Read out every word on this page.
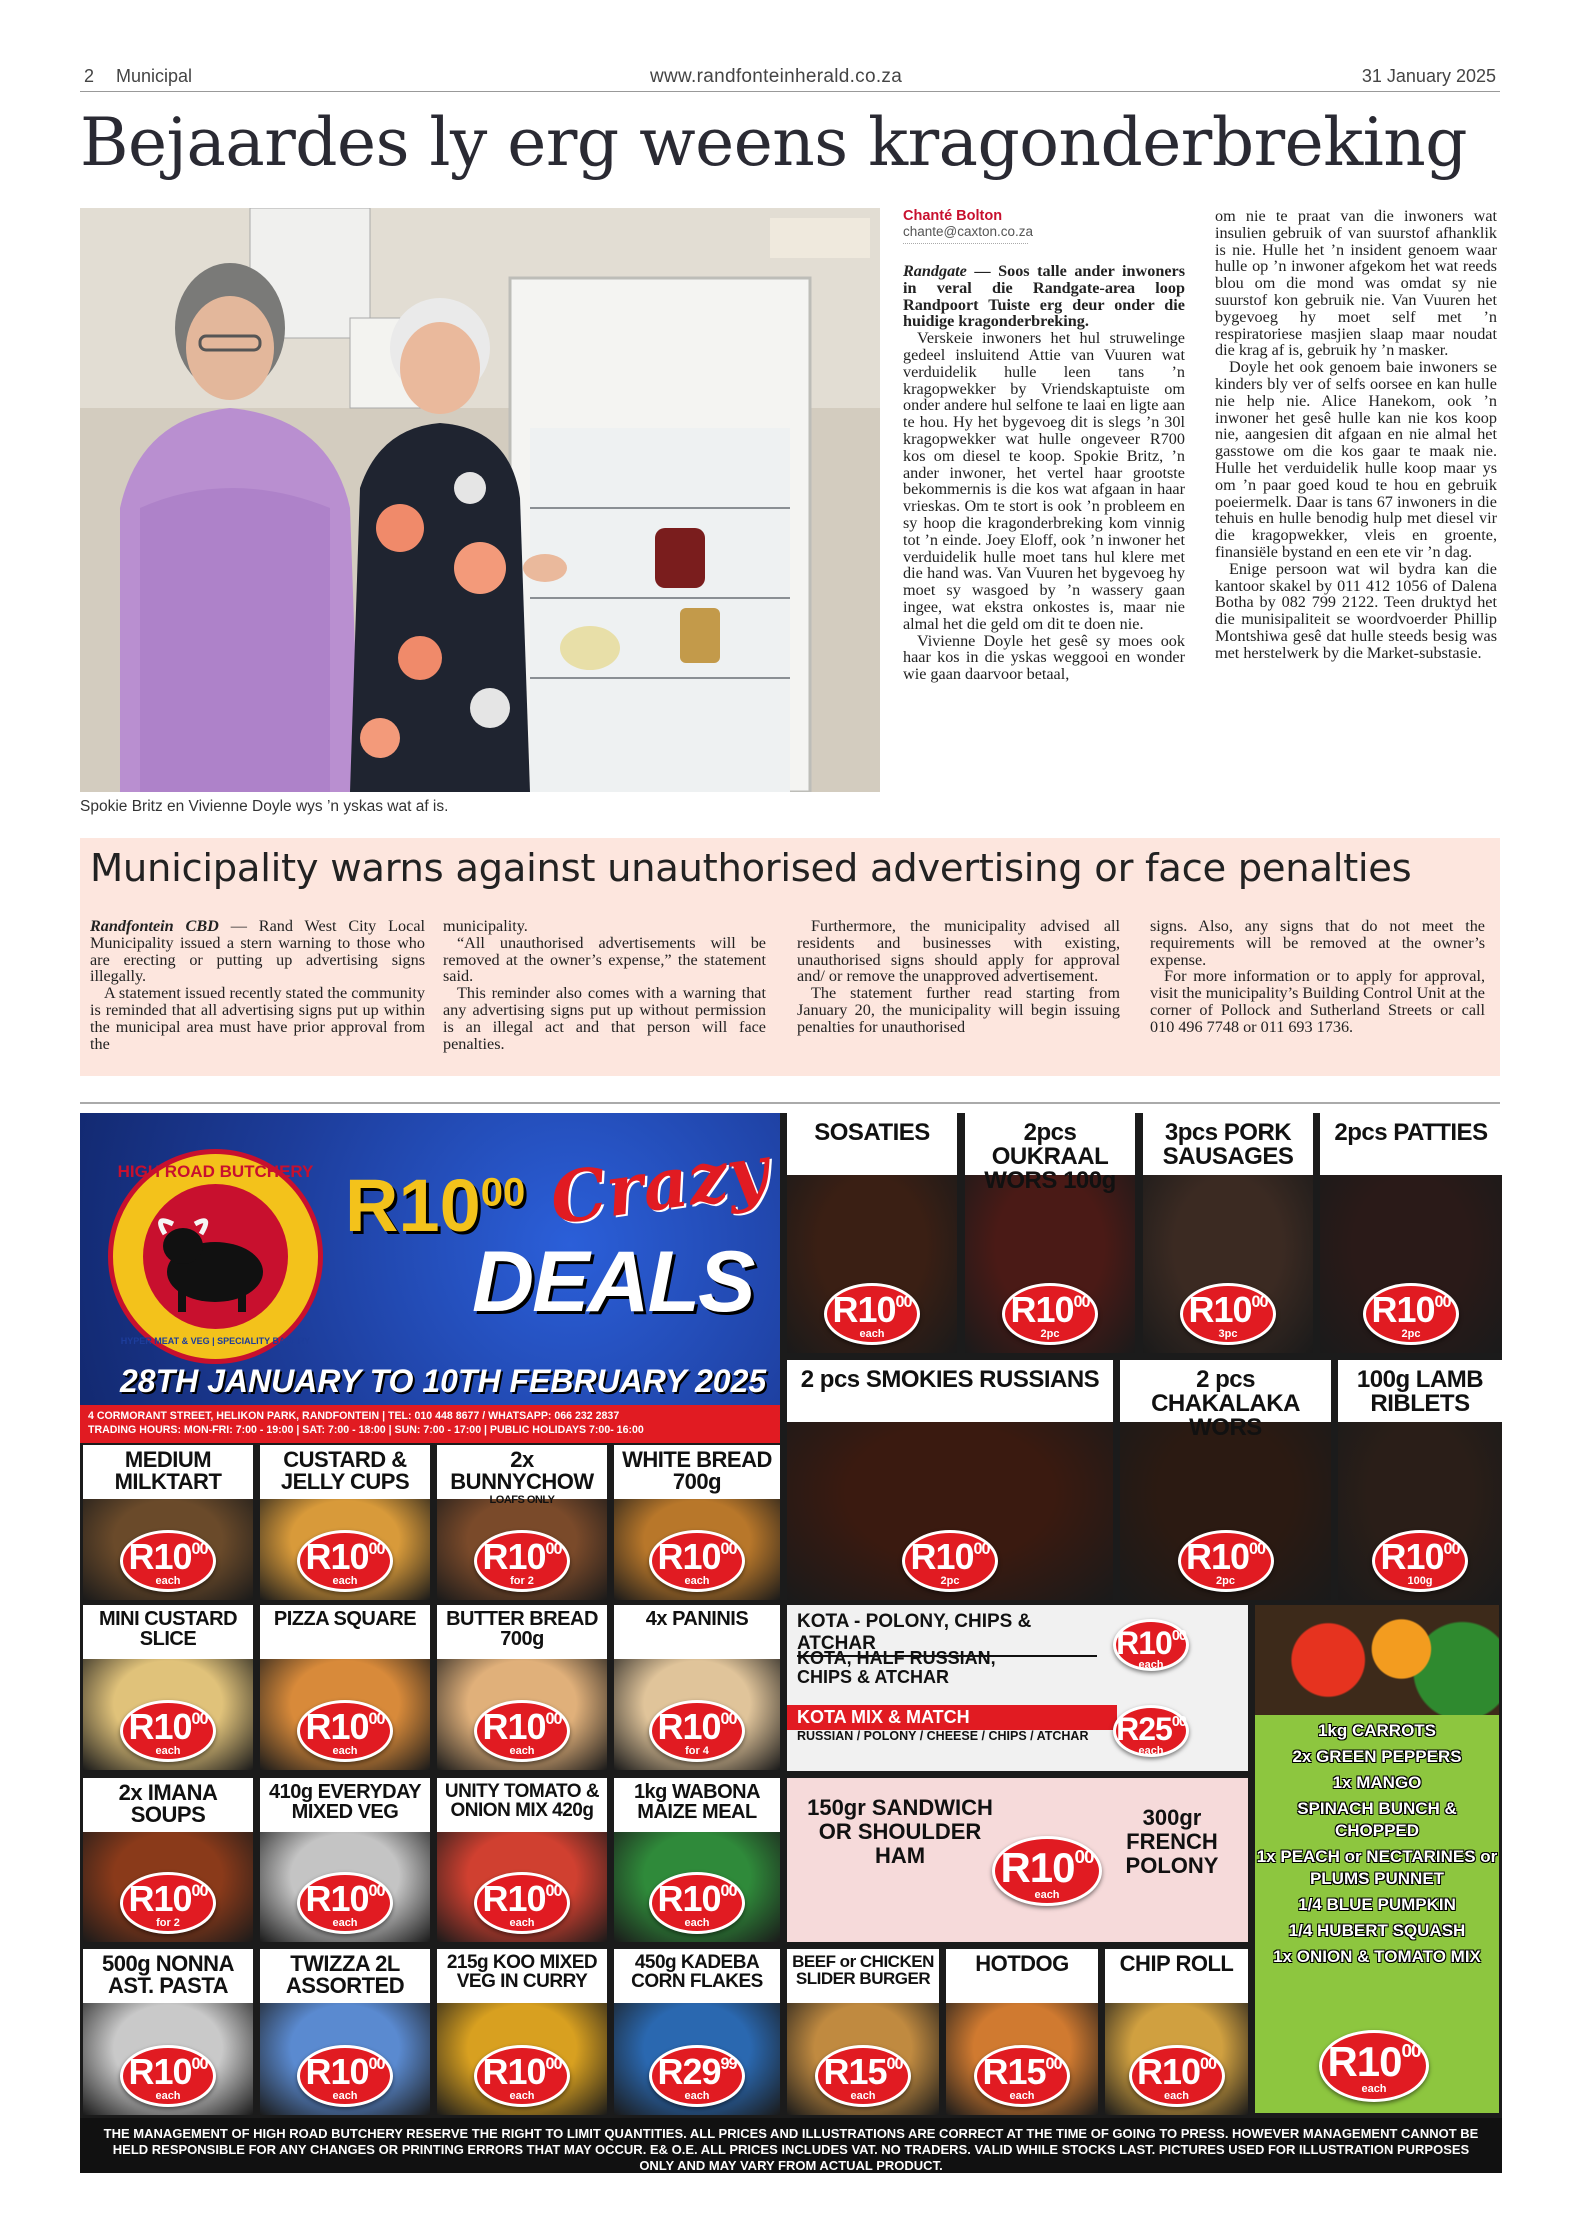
2 Municipal	www.randfonteinherald.co.za	31 January 2025
Bejaardes ly erg weens kragonderbreking
Spokie Britz en Vivienne Doyle wys ’n yskas wat af is.
Chanté Bolton
chante@caxton.co.za

Randgate — Soos talle ander inwoners in veral die Randgate-area loop Randpoort Tuiste erg deur onder die huidige kragonderbreking.

Verskeie inwoners het hul struwelinge gedeel insluitend Attie van Vuuren wat verduidelik hulle leen tans ’n kragopwekker by Vriendskaptuiste om onder andere hul selfone te laai en ligte aan te hou. Hy het bygevoeg dit is slegs ’n 30l kragopwekker wat hulle ongeveer R700 kos om diesel te koop. Spokie Britz, ’n ander inwoner, het vertel haar grootste bekommernis is die kos wat afgaan in haar vrieskas. Om te stort is ook ’n probleem en sy hoop die kragonderbreking kom vinnig tot ’n einde. Joey Eloff, ook ’n inwoner het verduidelik hulle moet tans hul klere met die hand was. Van Vuuren het bygevoeg hy moet sy wasgoed by ’n wassery gaan ingee, wat ekstra onkostes is, maar nie almal het die geld om dit te doen nie.

Vivienne Doyle het gesê sy moes ook haar kos in die yskas weggooi en wonder wie gaan daarvoor betaal,

om nie te praat van die inwoners wat insulien gebruik of van suurstof afhanklik is nie. Hulle het ’n insident genoem waar hulle op ’n inwoner afgekom het wat reeds blou om die mond was omdat sy nie suurstof kon gebruik nie. Van Vuuren het bygevoeg hy moet self met ’n respiratoriese masjien slaap maar noudat die krag af is, gebruik hy ’n masker.

Doyle het ook genoem baie inwoners se kinders bly ver of selfs oorsee en kan hulle nie help nie. Alice Hanekom, ook ’n inwoner het gesê hulle kan nie kos koop nie, aangesien dit afgaan en nie almal het gasstowe om die kos gaar te maak nie. Hulle het verduidelik hulle koop maar ys om ’n paar goed koud te hou en gebruik poeiermelk. Daar is tans 67 inwoners in die tehuis en hulle benodig hulp met diesel vir die kragopwekker, vleis en groente, finansiële bystand en een ete vir ’n dag.

Enige persoon wat wil bydra kan die kantoor skakel by 011 412 1056 of Dalena Botha by 082 799 2122. Teen druktyd het die munisipaliteit se woordvoerder Phillip Montshiwa gesê dat hulle steeds besig was met herstelwerk by die Market-substasie.

Municipality warns against unauthorised advertising or face penalties

Randfontein CBD — Rand West City Local Municipality issued a stern warning to those who are erecting or putting up advertising signs illegally.

A statement issued recently stated the community is reminded that all advertising signs put up within the municipal area must have prior approval from the

municipality.

“All unauthorised advertisements will be removed at the owner’s expense,” the statement said.

This reminder also comes with a warning that any advertising signs put up without permission is an illegal act and that person will face penalties.

Furthermore, the municipality advised all residents and businesses with existing, unauthorised signs should apply for approval and/ or remove the unapproved advertisement.

The statement further read starting from January 20, the municipality will begin issuing penalties for unauthorised

signs. Also, any signs that do not meet the requirements will be removed at the owner’s expense.

For more information or to apply for approval, visit the municipality’s Building Control Unit at the corner of Pollock and Sutherland Streets or call 010 496 7748 or 011 693 1736.

HIGH ROAD BUTCHERY
HYPER MEAT & VEG | SPECIALITY BAKERY
$R10^{00}$ Crazy
DEALS
28TH JANUARY TO 10TH FEBRUARY 2025
4 CORMORANT STREET, HELIKON PARK, RANDFONTEIN | TEL: 010 448 8677 / WHATSAPP: 066 232 2837
TRADING HOURS: MON-FRI: 7:00 - 19:00 | SAT: 7:00 - 18:00 | SUN: 7:00 - 17:00 | PUBLIC HOLIDAYS 7:00- 16:00
SOSATIES
$R10^{00}$
each
2pcs OUKRAAL WORS 100g
$R10^{00}$
2pc
3pcs PORK SAUSAGES
$R10^{00}$
3pc
2pcs PATTIES
$R10^{00}$
2pc
2 pcs SMOKIES RUSSIANS
$R10^{00}$
2pc
2 pcs CHAKALAKA WORS
$R10^{00}$
2pc
100g LAMB RIBLETS
$R10^{00}$
100g
MEDIUM MILKTART
$R10^{00}$
each
CUSTARD & JELLY CUPS
$R10^{00}$
each
2x BUNNYCHOW
LOAFS ONLY
$R10^{00}$
for 2
WHITE BREAD 700g
$R10^{00}$
each
MINI CUSTARD SLICE
$R10^{00}$
each
PIZZA SQUARE
$R10^{00}$
each
BUTTER BREAD 700g
$R10^{00}$
each
4x PANINIS
$R10^{00}$
for 4
2x IMANA SOUPS
$R10^{00}$
for 2
410g EVERYDAY MIXED VEG
$R10^{00}$
each
UNITY TOMATO & ONION MIX 420g
$R10^{00}$
each
1kg WABONA MAIZE MEAL
$R10^{00}$
each
500g NONNA AST. PASTA
$R10^{00}$
each
TWIZZA 2L ASSORTED
$R10^{00}$
each
215g KOO MIXED VEG IN CURRY
$R10^{00}$
each
450g KADEBA CORN FLAKES
$R29^{99}$
each
BEEF or CHICKEN SLIDER BURGER
$R15^{00}$
each
HOTDOG
$R15^{00}$
each
CHIP ROLL
$R10^{00}$
each
KOTA - POLONY, CHIPS & ATCHAR
KOTA, HALF RUSSIAN, CHIPS & ATCHAR
KOTA MIX & MATCH
RUSSIAN / POLONY / CHEESE / CHIPS / ATCHAR
$R10^{00}$
each
$R25^{00}$
each
150gr SANDWICH OR SHOULDER HAM
300gr FRENCH POLONY
$R10^{00}$
each
1kg CARROTS
2x GREEN PEPPERS
1x MANGO
SPINACH BUNCH & CHOPPED
1x PEACH or NECTARINES or PLUMS PUNNET
1/4 BLUE PUMPKIN
1/4 HUBERT SQUASH
1x ONION & TOMATO MIX
$R10^{00}$
each
THE MANAGEMENT OF HIGH ROAD BUTCHERY RESERVE THE RIGHT TO LIMIT QUANTITIES. ALL PRICES AND ILLUSTRATIONS ARE CORRECT AT THE TIME OF GOING TO PRESS. HOWEVER MANAGEMENT CANNOT BE HELD RESPONSIBLE FOR ANY CHANGES OR PRINTING ERRORS THAT MAY OCCUR. E& O.E. ALL PRICES INCLUDES VAT. NO TRADERS. VALID WHILE STOCKS LAST. PICTURES USED FOR ILLUSTRATION PURPOSES ONLY AND MAY VARY FROM ACTUAL PRODUCT.
